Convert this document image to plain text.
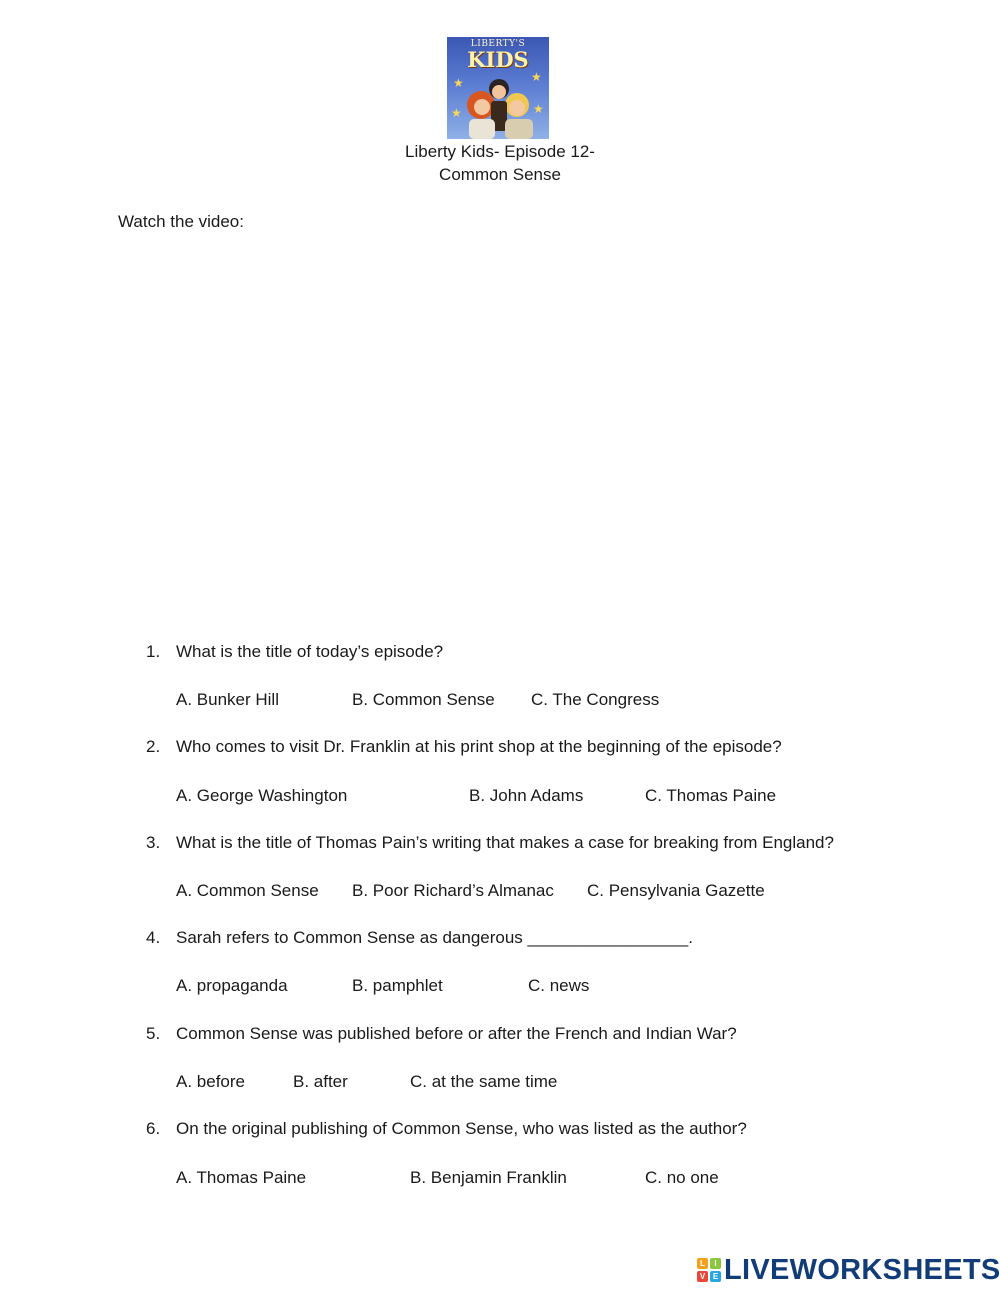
LIBERTY'S
KIDS
★	★
★	★
Liberty Kids- Episode 12-
Common Sense
Watch the video:
1. What is the title of today’s episode?
A. Bunker Hill	B. Common Sense C. The Congress
2. Who comes to visit Dr. Franklin at his print shop at the beginning of the episode?
A. George Washington	B. John Adams	C. Thomas Paine
3. What is the title of Thomas Pain’s writing that makes a case for breaking from England?
A. Common Sense B. Poor Richard’s Almanac C. Pensylvania Gazette
4. Sarah refers to Common Sense as dangerous _________________.
A. propaganda	B. pamphlet	C. news
5. Common Sense was published before or after the French and Indian War?
A. before	B. after	C. at the same time
6. On the original publishing of Common Sense, who was listed as the author?
A. Thomas Paine	B. Benjamin Franklin	C. no one
L	I
V E LIVEWORKSHEETS
